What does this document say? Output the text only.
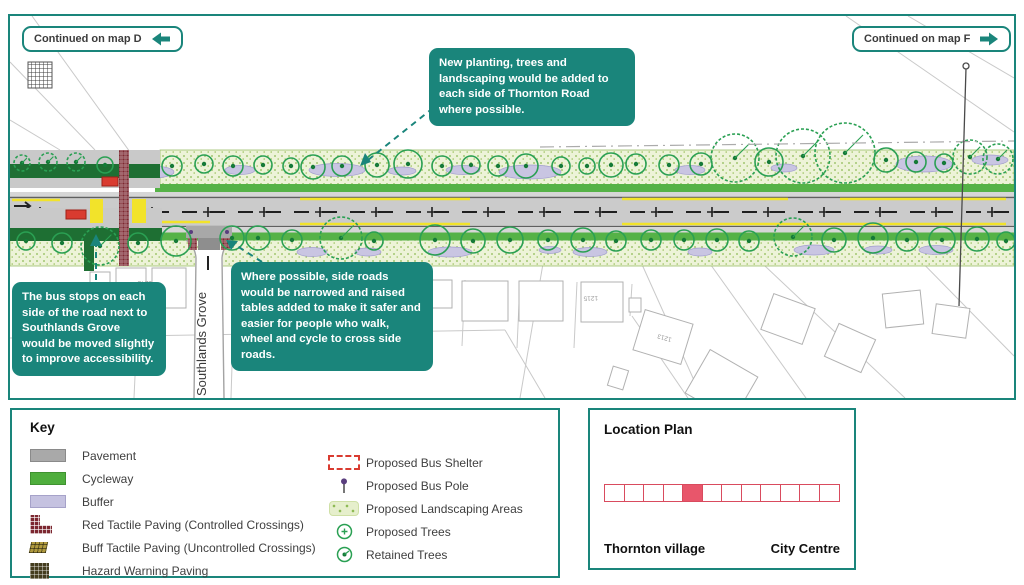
1215
1213
Continued on map D	Continued on map F
New planting, trees and landscaping would be added to each side of Thornton Road where possible.
The bus stops on each side of the road next to Southlands Grove would be moved slightly to improve accessibility.
Where possible, side roads would be narrowed and raised tables added to make it safer and easier for people who walk, wheel and cycle to cross side roads.
Southlands Grove
Key
Pavement
Cycleway
Buffer
Red Tactile Paving (Controlled Crossings)
Buff Tactile Paving (Uncontrolled Crossings)
Hazard Warning Paving
Proposed Bus Shelter
Proposed Bus Pole
Proposed Landscaping Areas
Proposed Trees
Retained Trees
Location Plan
Thornton village	City Centre
